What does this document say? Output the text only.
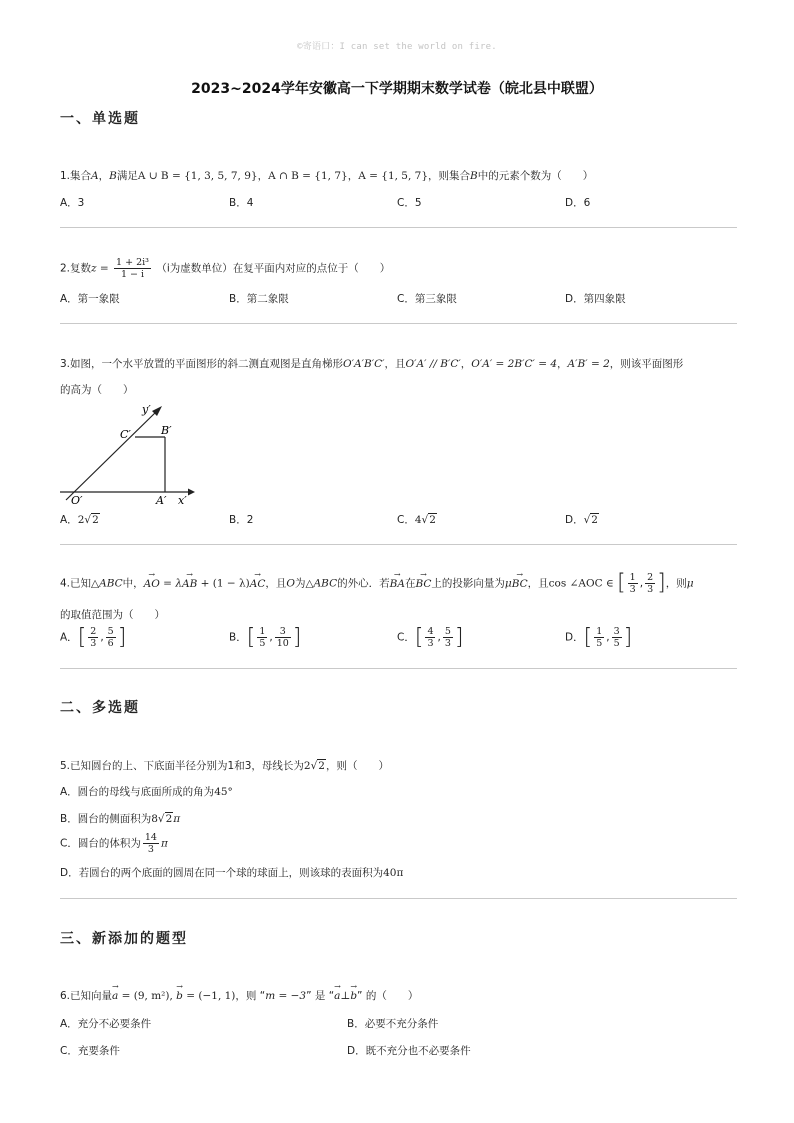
©寄语口：I can set the world on fire.
2023~2024学年安徽高一下学期期末数学试卷（皖北县中联盟）
一、单选题
1.集合A，B满足A ∪ B = {1, 3, 5, 7, 9}，A ∩ B = {1, 7}，A = {1, 5, 7}，则集合B中的元素个数为（　　）
A．3	B．4	C．5	D．6
2.复数$z = \frac{\text{1 + 2i³}}{1 - i} (i$为虚数单位）在复平面内对应的点位于（　　）
A．第一象限	B．第二象限	C．第三象限	D．第四象限
3.如图，一个水平放置的平面图形的斜二测直观图是直角梯形O′A′B′C′，且O′A′ // B′C′，O′A′ = 2B′C′ = 4，A′B′ = 2，则该平面图形
的高为（　　）
y′
x′
O′	A′
B′
C′
A．2√2	B．2	C．4√2	D．√2
4.已知△ABC中，→ AO = λ→ AB + (1 − λ)→ AC，且O为△ABC的外心．若→ BA在→ BC上的投影向量为μ→ BC，且cos ∠AOC ∈ [ $\frac{1}{3}$ , $\frac{2}{3}$ ]，则μ
的取值范围为（　　）
A．[ $\frac{2}{3}$ , $\frac{5}{6}$ ]	B．[ $\frac{1}{5}$ , $\frac{3}{10}$ ]	C．[ $\frac{4}{3}$ , $\frac{5}{3}$ ]	D．[ $\frac{1}{5}$ , $\frac{3}{5}$ ]
二、多选题
5.已知圆台的上、下底面半径分别为1和3，母线长为2√2，则（　　）
A．圆台的母线与底面所成的角为45°
B．圆台的侧面积为8√2π
C．圆台的体积为 $\frac{14}{3}$ π
D．若圆台的两个底面的圆周在同一个球的球面上，则该球的表面积为40π
三、新添加的题型
6.已知向量→ a = (9, m²), → b = (−1, 1)，则 “m = −3” 是 “→ a⊥→ b” 的（　　）
A．充分不必要条件	B．必要不充分条件
C．充要条件	D．既不充分也不必要条件
